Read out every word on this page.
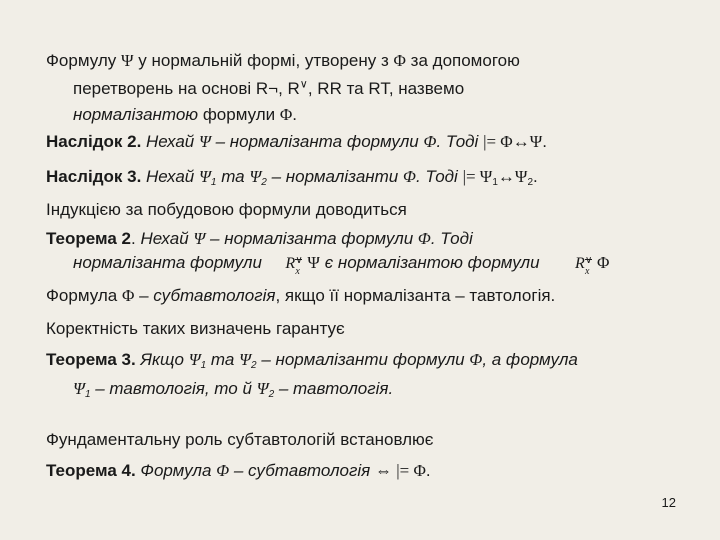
Формулу Ψ у нормальній формі, утворену з Φ за допомогою
перетворень на основі R¬, R∨, RR та RT, назвемо
нормалізантою формули Φ.
Наслідок 2. Нехай Ψ – нормалізанта формули Φ. Тоді |= Φ↔Ψ.
Наслідок 3. Нехай $\Psi_1$ та $\Psi_2$ – нормалізанти Φ. Тоді |= $\Psi_1\leftrightarrow\Psi_2$.
Індукцією за побудовою формули доводиться
Теорема 2. Нехай Ψ – нормалізанта формули Φ. Тоді
нормалізанта формули R ∨
x Ψ є нормалізантою формули R ∨
x Φ
Формула Φ – субтавтологія, якщо її нормалізанта – тавтологія.
Коректність таких визначень гарантує
Теорема 3. Якщо $\Psi_1$ та $\Psi_2$ – нормалізанти формули Φ, а формула
$\Psi_1$ – тавтологія, то й $\Psi_2$ – тавтологія.
Фундаментальну роль субтавтологій встановлює
Теорема 4. Формула Φ – субтавтологія ⇔ |= Φ.
12
